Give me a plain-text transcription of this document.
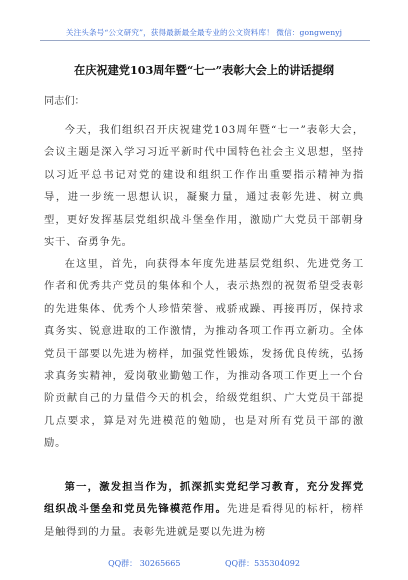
关注头条号“公文研究”，获得最新最全最专业的公文资料库！ 微信：gongwenyj
在庆祝建党103周年暨“七一”表彰大会上的讲话提纲
同志们：

今天，我们组织召开庆祝建党103周年暨“七一”表彰大会，会议主题是深入学习习近平新时代中国特色社会主义思想，坚持以习近平总书记对党的建设和组织工作作出重要指示精神为指导，进一步统一思想认识，凝聚力量，通过表彰先进、树立典型，更好发挥基层党组织战斗堡垒作用，激励广大党员干部朝身实干、奋勇争先。

在这里，首先，向获得本年度先进基层党组织、先进党务工作者和优秀共产党员的集体和个人，表示热烈的祝贺希望受表彰的先进集体、优秀个人珍惜荣誉、戒骄戒躁、再接再厉，保持求真务实、锐意进取的工作激情，为推动各项工作再立新功。全体党员干部要以先进为榜样，加强党性锻炼，发扬优良传统，弘扬求真务实精神，爱岗敬业勤勉工作，为推动各项工作更上一个台阶贡献自己的力量借今天的机会，给级党组织、广大党员干部提几点要求，算是对先进模范的勉励，也是对所有党员干部的激励。

第一，激发担当作为，抓深抓实党纪学习教育，充分发挥党组织战斗堡垒和党员先锋模范作用。先进是看得见的标杆，榜样是触得到的力量。表彰先进就是要以先进为榜

QQ群： 30265665	QQ群：535304092
